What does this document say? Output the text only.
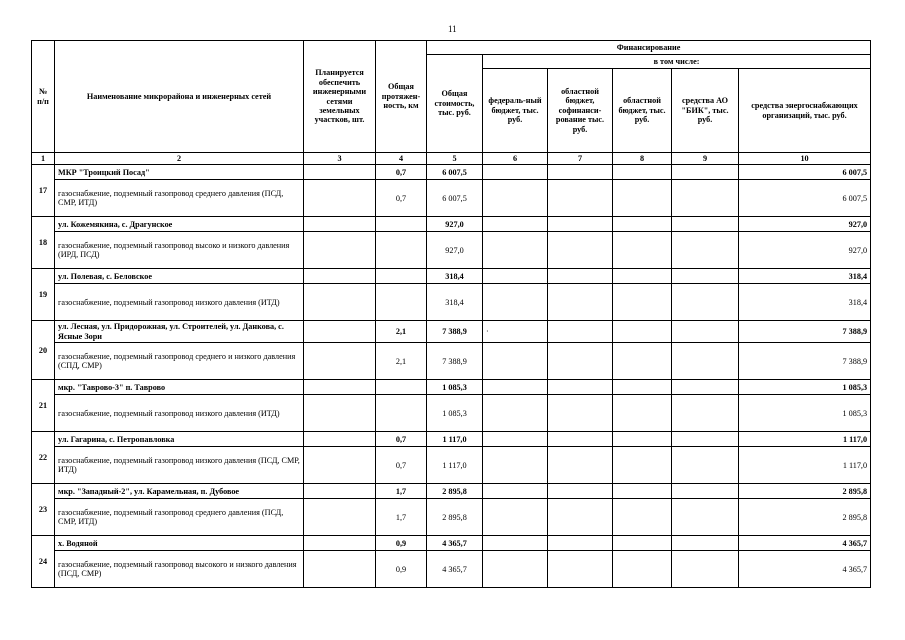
11
№ п/п	Наименование микрорайона и инженерных сетей	Планируется обеспечить инженерными сетями земельных участков, шт.	Общая протяжен-ность, км	Финансирование					
				Общая стоимость, тыс. руб.	в том числе:				
					федераль-ный бюджет, тыс. руб.	областной бюджет, софинанси-рование тыс. руб.	областной бюджет, тыс. руб.	средства АО "БИК", тыс. руб.	средства энергоснабжающих организаций, тыс. руб.
1	2	3	4	5	6	7	8	9	10
17	МКР "Троицкий Посад"		0,7	6 007,5					6 007,5
	газоснабжение, подземный газопровод среднего давления (ПСД, СМР, ИТД)		0,7	6 007,5					6 007,5
18	ул. Кожемякина, с. Драгунское			927,0					927,0
	газоснабжение, подземный газопровод высоко и низкого давления (ИРД, ПСД)			927,0					927,0
19	ул. Полевая, с. Беловское			318,4					318,4
	газоснабжение, подземный газопровод низкого давления (ИТД)			318,4					318,4
20	ул. Лесная, ул. Придорожная, ул. Строителей, ул. Данкова, с. Ясные Зори		2,1	7 388,9	·				7 388,9
	газоснабжение, подземный газопровод среднего и низкого давления (СПД, СМР)		2,1	7 388,9					7 388,9
21	мкр. "Таврово-3" п. Таврово			1 085,3					1 085,3
	газоснабжение, подземный газопровод низкого давления (ИТД)			1 085,3					1 085,3
22	ул. Гагарина, с. Петропавловка		0,7	1 117,0					1 117,0
	газоснабжение, подземный газопровод низкого давления (ПСД, СМР, ИТД)		0,7	1 117,0					1 117,0
23	мкр. "Западный-2", ул. Карамельная, п. Дубовое		1,7	2 895,8					2 895,8
	газоснабжение, подземный газопровод среднего давления (ПСД, СМР, ИТД)		1,7	2 895,8					2 895,8
24	х. Водяной		0,9	4 365,7					4 365,7
	газоснабжение, подземный газопровод высокого и низкого давления (ПСД, СМР)		0,9	4 365,7					4 365,7
